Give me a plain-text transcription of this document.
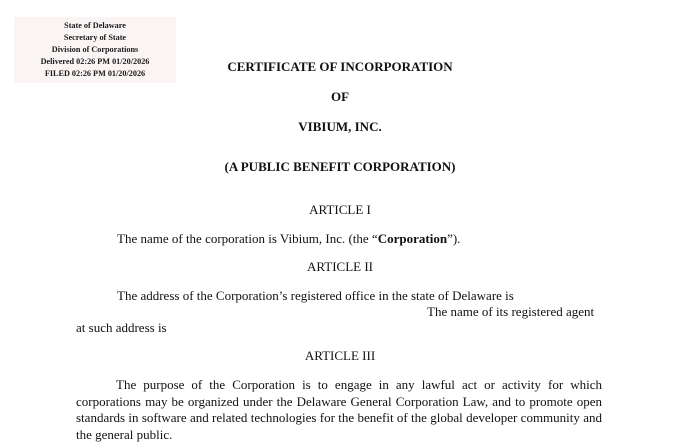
State of Delaware
Secretary of State
Division of Corporations
Delivered 02:26 PM 01/20/2026
FILED 02:26 PM 01/20/2026	CERTIFICATE OF INCORPORATION
OF
VIBIUM, INC.
(A PUBLIC BENEFIT CORPORATION)
ARTICLE I
The name of the corporation is Vibium, Inc. (the “Corporation”).
ARTICLE II
The address of the Corporation’s registered office in the state of Delaware is
The name of its registered agent
at such address is
ARTICLE III
The purpose of the Corporation is to engage in any lawful act or activity for which corporations may be organized under the Delaware General Corporation Law, and to promote open standards in software and related technologies for the benefit of the global developer community and the general public.
